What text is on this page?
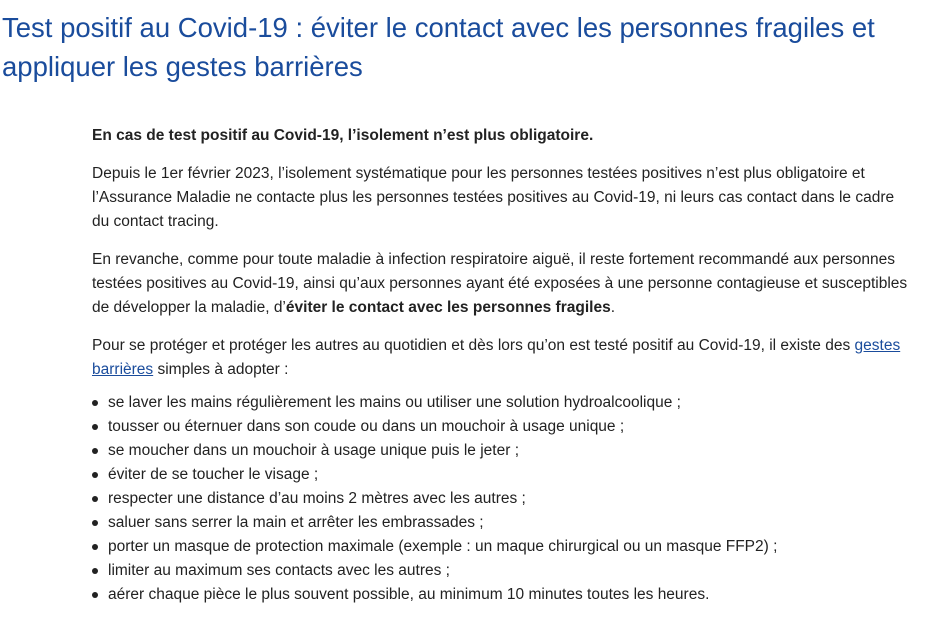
Test positif au Covid-19 : éviter le contact avec les personnes fragiles et appliquer les gestes barrières

En cas de test positif au Covid-19, l’isolement n’est plus obligatoire.

Depuis le 1er février 2023, l’isolement systématique pour les personnes testées positives n’est plus obligatoire et l’Assurance Maladie ne contacte plus les personnes testées positives au Covid-19, ni leurs cas contact dans le cadre du contact tracing.

En revanche, comme pour toute maladie à infection respiratoire aiguë, il reste fortement recommandé aux personnes testées positives au Covid-19, ainsi qu’aux personnes ayant été exposées à une personne contagieuse et susceptibles de développer la maladie, d’éviter le contact avec les personnes fragiles.

Pour se protéger et protéger les autres au quotidien et dès lors qu’on est testé positif au Covid-19, il existe des gestes barrières simples à adopter :

se laver les mains régulièrement les mains ou utiliser une solution hydroalcoolique ;
tousser ou éternuer dans son coude ou dans un mouchoir à usage unique ;
se moucher dans un mouchoir à usage unique puis le jeter ;
éviter de se toucher le visage ;
respecter une distance d’au moins 2 mètres avec les autres ;
saluer sans serrer la main et arrêter les embrassades ;
porter un masque de protection maximale (exemple : un maque chirurgical ou un masque FFP2) ;
limiter au maximum ses contacts avec les autres ;
aérer chaque pièce le plus souvent possible, au minimum 10 minutes toutes les heures.
